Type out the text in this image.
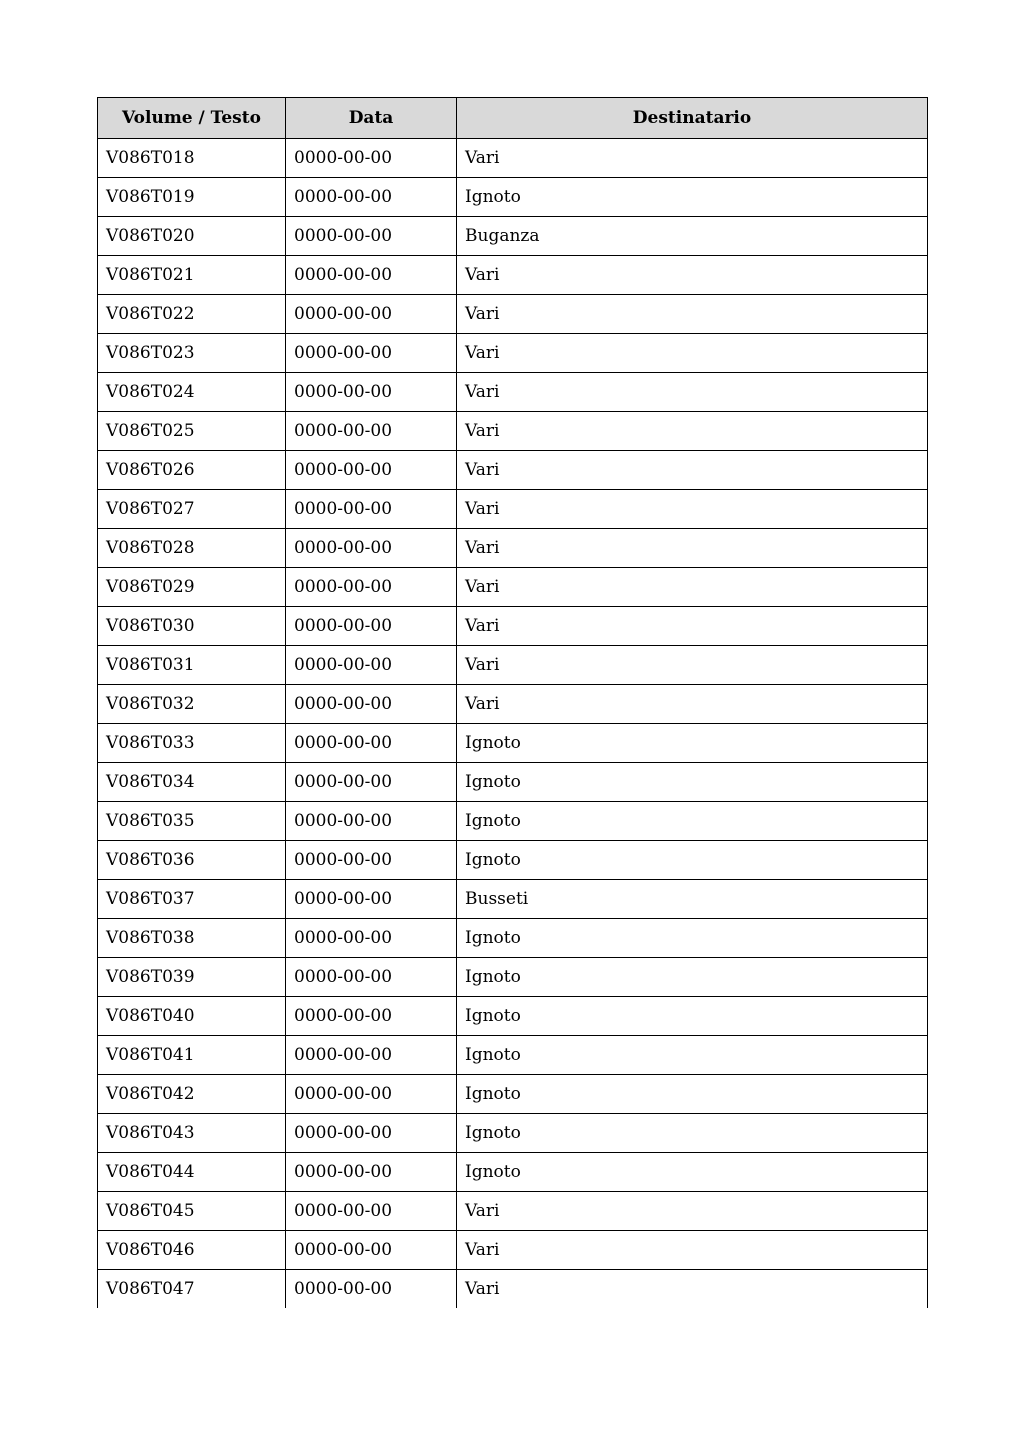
Volume / Testo	Data	Destinatario
V086T018	0000-00-00	Vari
V086T019	0000-00-00	Ignoto
V086T020	0000-00-00	Buganza
V086T021	0000-00-00	Vari
V086T022	0000-00-00	Vari
V086T023	0000-00-00	Vari
V086T024	0000-00-00	Vari
V086T025	0000-00-00	Vari
V086T026	0000-00-00	Vari
V086T027	0000-00-00	Vari
V086T028	0000-00-00	Vari
V086T029	0000-00-00	Vari
V086T030	0000-00-00	Vari
V086T031	0000-00-00	Vari
V086T032	0000-00-00	Vari
V086T033	0000-00-00	Ignoto
V086T034	0000-00-00	Ignoto
V086T035	0000-00-00	Ignoto
V086T036	0000-00-00	Ignoto
V086T037	0000-00-00	Busseti
V086T038	0000-00-00	Ignoto
V086T039	0000-00-00	Ignoto
V086T040	0000-00-00	Ignoto
V086T041	0000-00-00	Ignoto
V086T042	0000-00-00	Ignoto
V086T043	0000-00-00	Ignoto
V086T044	0000-00-00	Ignoto
V086T045	0000-00-00	Vari
V086T046	0000-00-00	Vari
V086T047	0000-00-00	Vari
